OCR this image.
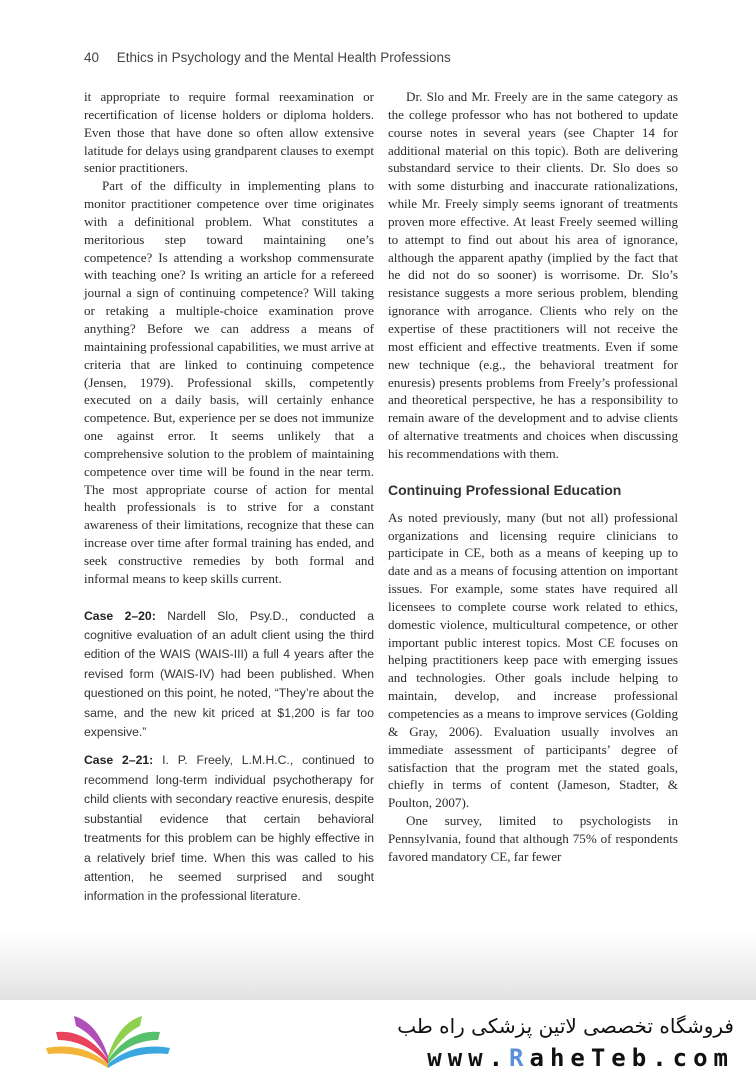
40 Ethics in Psychology and the Mental Health Professions

it appropriate to require formal reexamination or recertification of license holders or diploma holders. Even those that have done so often allow extensive latitude for delays using grandparent clauses to exempt senior practitioners.

Part of the difficulty in implementing plans to monitor practitioner competence over time originates with a definitional problem. What constitutes a meritorious step toward maintaining one’s competence? Is attending a workshop commensurate with teaching one? Is writing an article for a refereed journal a sign of continuing competence? Will taking or retaking a multiple-choice examination prove anything? Before we can address a means of maintaining professional capabilities, we must arrive at criteria that are linked to continuing competence (Jensen, 1979). Professional skills, competently executed on a daily basis, will certainly enhance competence. But, experience per se does not immunize one against error. It seems unlikely that a comprehensive solution to the problem of maintaining competence over time will be found in the near term. The most appropriate course of action for mental health professionals is to strive for a constant awareness of their limitations, recognize that these can increase over time after formal training has ended, and seek constructive remedies by both formal and informal means to keep skills current.

Case 2–20: Nardell Slo, Psy.D., conducted a cognitive evaluation of an adult client using the third edition of the WAIS (WAIS-III) a full 4 years after the revised form (WAIS-IV) had been published. When questioned on this point, he noted, “They’re about the same, and the new kit priced at $1,200 is far too expensive.”

Case 2–21: I. P. Freely, L.M.H.C., continued to recommend long-term individual psychotherapy for child clients with secondary reactive enuresis, despite substantial evidence that certain behavioral treatments for this problem can be highly effective in a relatively brief time. When this was called to his attention, he seemed surprised and sought information in the professional literature.

Dr. Slo and Mr. Freely are in the same category as the college professor who has not bothered to update course notes in several years (see Chapter 14 for additional material on this topic). Both are delivering substandard service to their clients. Dr. Slo does so with some disturbing and inaccurate rationalizations, while Mr. Freely simply seems ignorant of treatments proven more effective. At least Freely seemed willing to attempt to find out about his area of ignorance, although the apparent apathy (implied by the fact that he did not do so sooner) is worrisome. Dr. Slo’s resistance suggests a more serious problem, blending ignorance with arrogance. Clients who rely on the expertise of these practitioners will not receive the most efficient and effective treatments. Even if some new technique (e.g., the behavioral treatment for enuresis) presents problems from Freely’s professional and theoretical perspective, he has a responsibility to remain aware of the development and to advise clients of alternative treatments and choices when discussing his recommendations with them.

Continuing Professional Education

As noted previously, many (but not all) professional organizations and licensing require clinicians to participate in CE, both as a means of keeping up to date and as a means of focusing attention on important issues. For example, some states have required all licensees to complete course work related to ethics, domestic violence, multicultural competence, or other important public interest topics. Most CE focuses on helping practitioners keep pace with emerging issues and technologies. Other goals include helping to maintain, develop, and increase professional competencies as a means to improve services (Golding & Gray, 2006). Evaluation usually involves an immediate assessment of participants’ degree of satisfaction that the program met the stated goals, chiefly in terms of content (Jameson, Stadter, & Poulton, 2007).

One survey, limited to psychologists in Pennsylvania, found that although 75% of respondents favored mandatory CE, far fewer

فروشگاه تخصصی لاتین پزشکی راه طب
www.RaheTeb.com
